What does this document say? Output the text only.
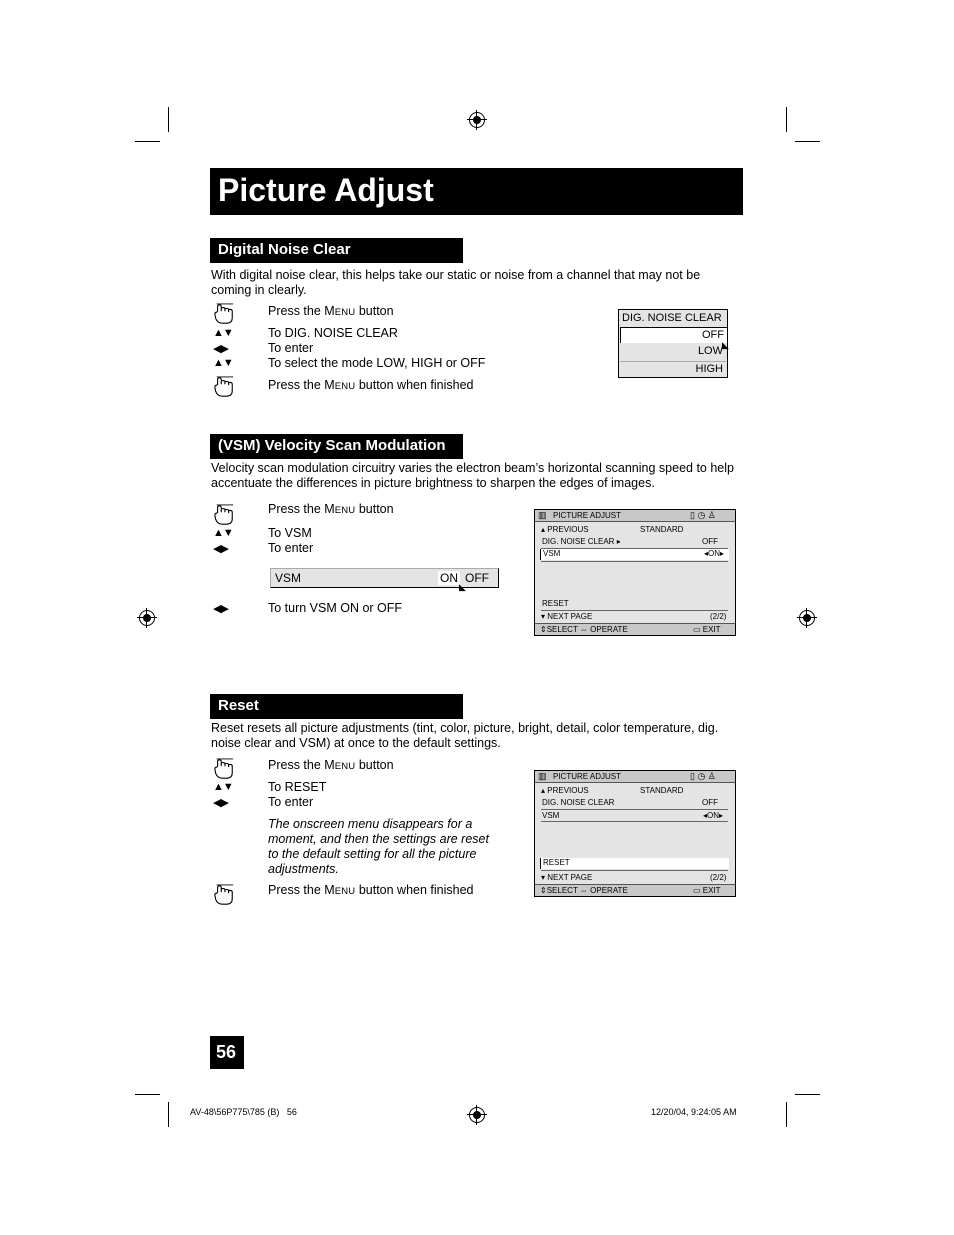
Picture Adjust
Digital Noise Clear
With digital noise clear, this helps take our static or noise from a channel that may not be
coming in clearly.
Press the MENU button
▲▼	To DIG. NOISE CLEAR
◀▶	To enter
▲▼	To select the mode LOW, HIGH or OFF
Press the MENU button when finished
DIG. NOISE CLEAR
OFF
LOW
HIGH
◣
(VSM) Velocity Scan Modulation
Velocity scan modulation circuitry varies the electron beam’s horizontal scanning speed to help
accentuate the differences in picture brightness to sharpen the edges of images.
Press the MENU button
▲▼	To VSM
◀▶	To enter
VSM	ON OFF
◣
◀▶	To turn VSM ON or OFF
▥ PICTURE ADJUST	▯ ◷ ♙
▴ PREVIOUS	STANDARD
DIG. NOISE CLEAR ▸	OFF
VSM	◂ON▸
RESET
▾ NEXT PAGE	(2/2)
⇕SELECT ⇔ OPERATE	▭ EXIT
Reset
Reset resets all picture adjustments (tint, color, picture, bright, detail, color temperature, dig.
noise clear and VSM) at once to the default settings.
Press the MENU button
▲▼	To RESET
◀▶	To enter
The onscreen menu disappears for a
moment, and then the settings are reset
to the default setting for all the picture
adjustments.
Press the MENU button when finished
▥ PICTURE ADJUST	▯ ◷ ♙
▴ PREVIOUS	STANDARD
DIG. NOISE CLEAR	OFF
VSM	◂ON▸
RESET
▾ NEXT PAGE	(2/2)
⇕SELECT ⇔ OPERATE	▭ EXIT
56
AV-48\56P775\785 (B)   56	12/20/04, 9:24:05 AM
